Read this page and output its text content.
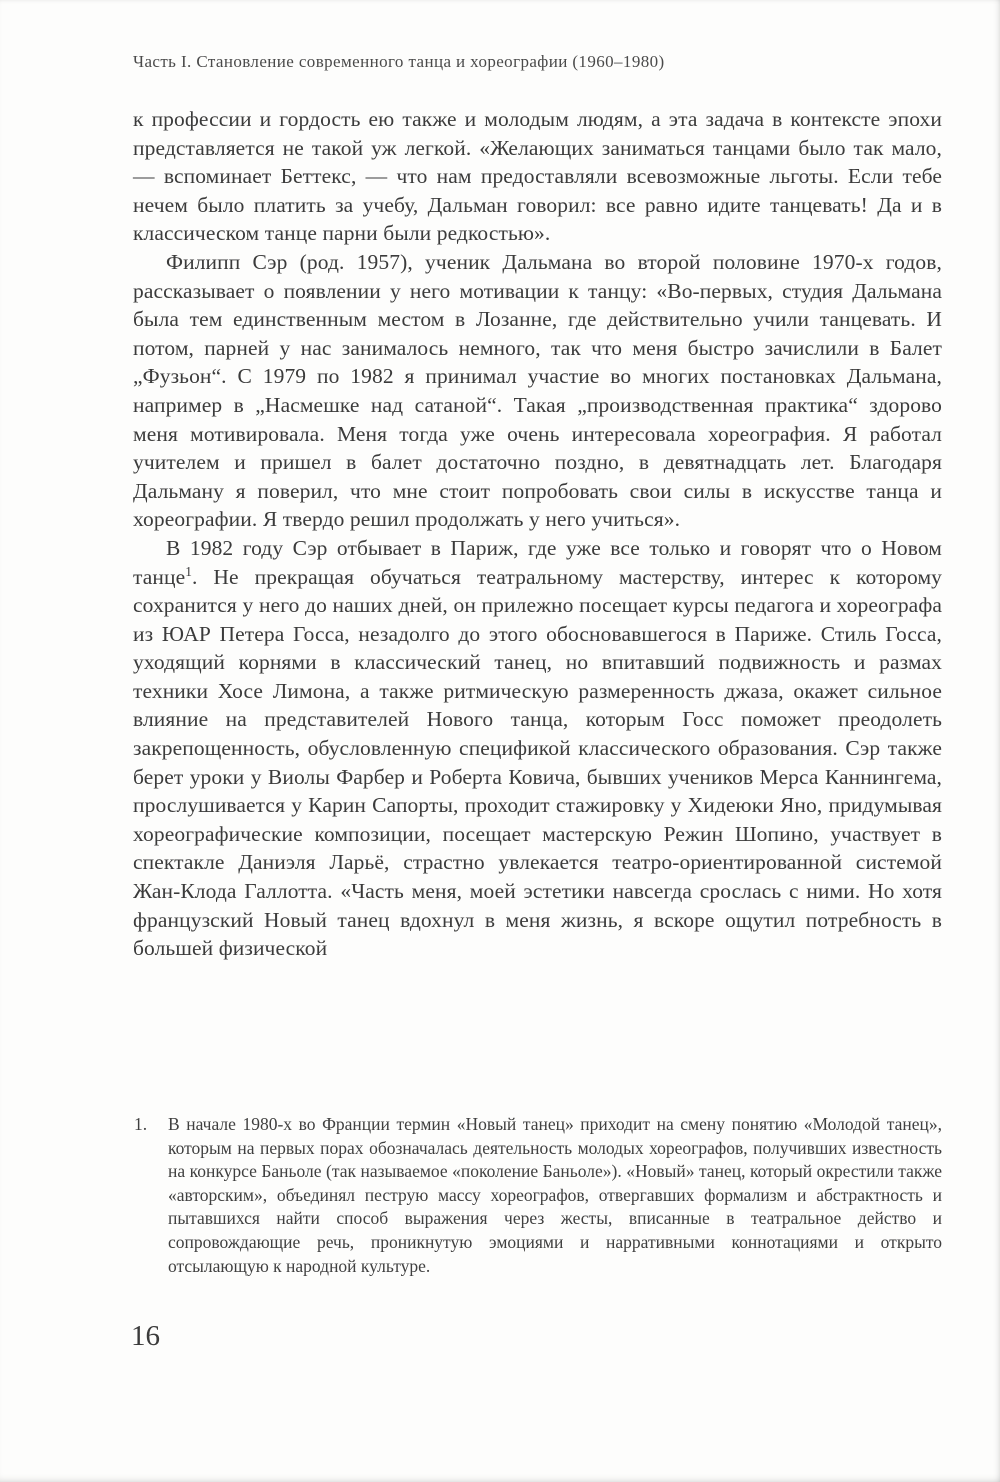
Часть I. Становление современного танца и хореографии (1960–1980)

к профессии и гордость ею также и молодым людям, а эта задача в контексте эпохи представляется не такой уж легкой. «Желающих заниматься танцами было так мало, — вспоминает Беттекс, — что нам предоставляли всевозможные льготы. Если тебе нечем было платить за учебу, Дальман говорил: все равно идите танцевать! Да и в классическом танце парни были редкостью».

Филипп Сэр (род. 1957), ученик Дальмана во второй половине 1970-х годов, рассказывает о появлении у него мотивации к танцу: «Во-первых, студия Дальмана была тем единственным местом в Лозанне, где действительно учили танцевать. И потом, парней у нас занималось немного, так что меня быстро зачислили в Балет „Фузьон“. С 1979 по 1982 я принимал участие во многих постановках Дальмана, например в „Насмешке над сатаной“. Такая „производственная практика“ здорово меня мотивировала. Меня тогда уже очень интересовала хореография. Я работал учителем и пришел в балет достаточно поздно, в девятнадцать лет. Благодаря Дальману я поверил, что мне стоит попробовать свои силы в искусстве танца и хореографии. Я твердо решил продолжать у него учиться».

В 1982 году Сэр отбывает в Париж, где уже все только и говорят что о Новом танце$^1$. Не прекращая обучаться театральному мастерству, интерес к которому сохранится у него до наших дней, он прилежно посещает курсы педагога и хореографа из ЮАР Петера Госса, незадолго до этого обосновавшегося в Париже. Стиль Госса, уходящий корнями в классический танец, но впитавший подвижность и размах техники Хосе Лимона, а также ритмическую размеренность джаза, окажет сильное влияние на представителей Нового танца, которым Госс поможет преодолеть закрепощенность, обусловленную спецификой классического образования. Сэр также берет уроки у Виолы Фарбер и Роберта Ковича, бывших учеников Мерса Каннингема, прослушивается у Карин Сапорты, проходит стажировку у Хидеюки Яно, придумывая хореографические композиции, посещает мастерскую Режин Шопино, участвует в спектакле Даниэля Ларьё, страстно увлекается театро-ориентированной системой Жан-Клода Галлотта. «Часть меня, моей эстетики навсегда срослась с ними. Но хотя французский Новый танец вдохнул в меня жизнь, я вскоре ощутил потребность в большей физической

1. В начале 1980-х во Франции термин «Новый танец» приходит на смену понятию «Молодой танец», которым на первых порах обозначалась деятельность молодых хореографов, получивших известность на конкурсе Баньоле (так называемое «поколение Баньоле»). «Новый» танец, который окрестили также «авторским», объединял пеструю массу хореографов, отвергавших формализм и абстрактность и пытавшихся найти способ выражения через жесты, вписанные в театральное действо и сопровождающие речь, проникнутую эмоциями и нарративными коннотациями и открыто отсылающую к народной культуре.
16
